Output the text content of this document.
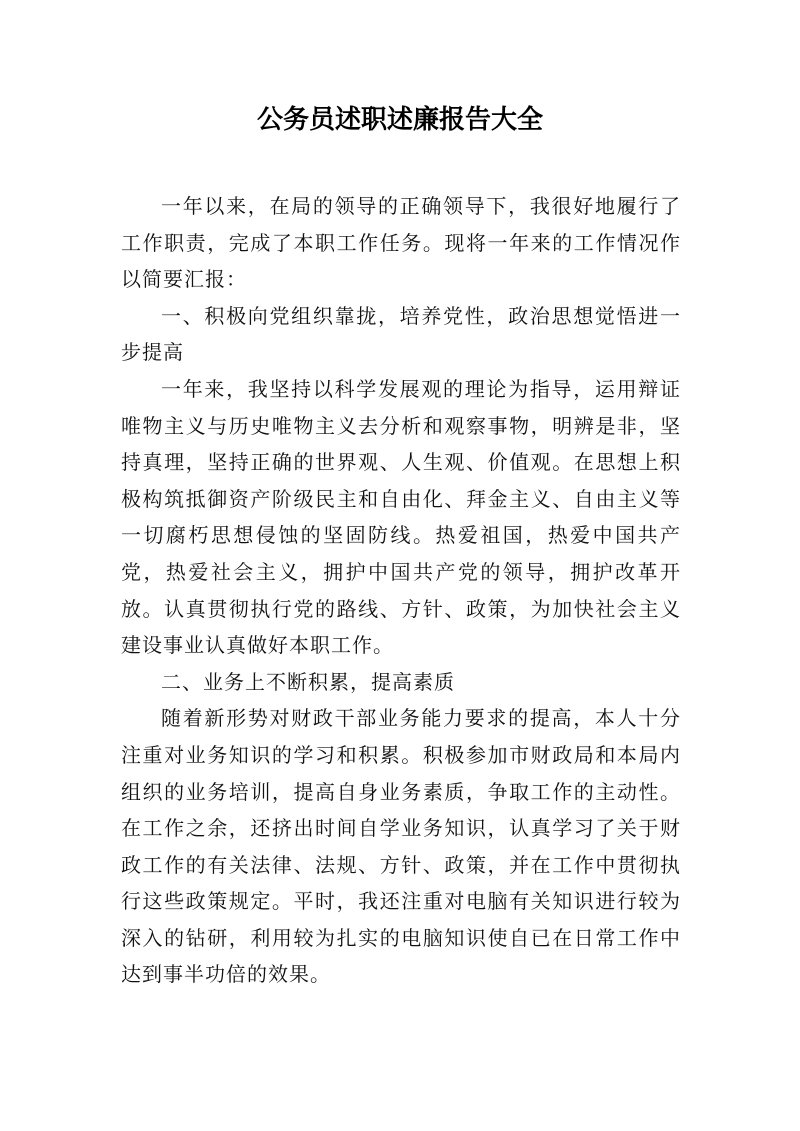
公务员述职述廉报告大全

一年以来，在局的领导的正确领导下，我很好地履行了工作职责，完成了本职工作任务。现将一年来的工作情况作以简要汇报：

一、积极向党组织靠拢，培养党性，政治思想觉悟进一步提高

一年来，我坚持以科学发展观的理论为指导，运用辩证唯物主义与历史唯物主义去分析和观察事物，明辨是非，坚持真理，坚持正确的世界观、人生观、价值观。在思想上积极构筑抵御资产阶级民主和自由化、拜金主义、自由主义等一切腐朽思想侵蚀的坚固防线。热爱祖国，热爱中国共产党，热爱社会主义，拥护中国共产党的领导，拥护改革开放。认真贯彻执行党的路线、方针、政策，为加快社会主义建设事业认真做好本职工作。

二、业务上不断积累，提高素质

随着新形势对财政干部业务能力要求的提高，本人十分注重对业务知识的学习和积累。积极参加市财政局和本局内组织的业务培训，提高自身业务素质，争取工作的主动性。在工作之余，还挤出时间自学业务知识，认真学习了关于财政工作的有关法律、法规、方针、政策，并在工作中贯彻执行这些政策规定。平时，我还注重对电脑有关知识进行较为深入的钻研，利用较为扎实的电脑知识使自已在日常工作中达到事半功倍的效果。
